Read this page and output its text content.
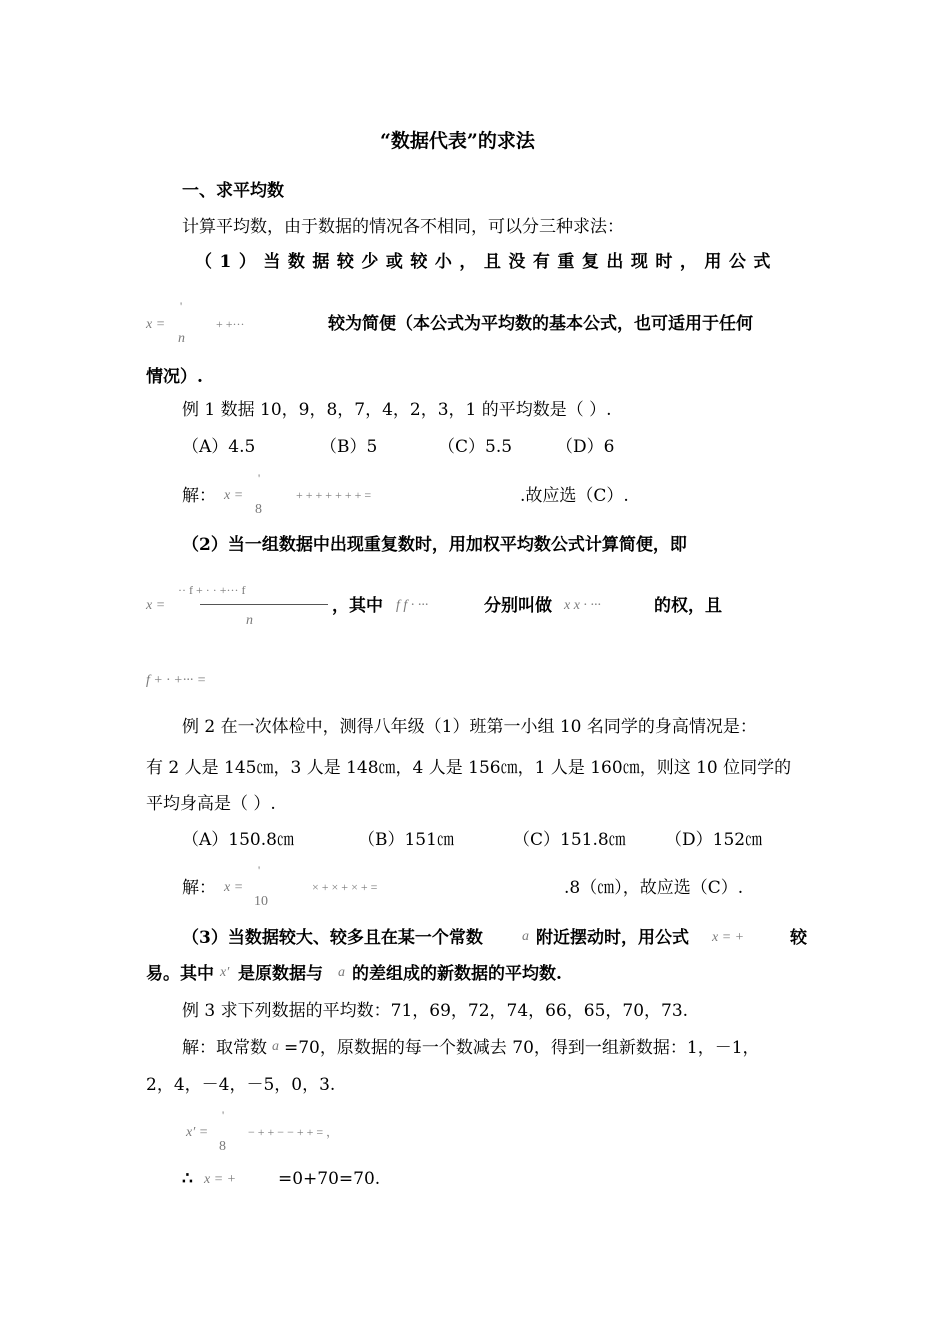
“数据代表”的求法
一、求平均数
计算平均数，由于数据的情况各不相同，可以分三种求法：
（1）当数据较少或较小，且没有重复出现时，用公式
x =
'
n
+ +···	较为简便（本公式为平均数的基本公式，也可适用于任何
情况）.
例 1 数据 10，9，8，7，4，2，3，1 的平均数是（ ）.
（A）4.5	（B）5	（C）5.5	（D）6
解： x =
'
8
+ + + + + + + =	.故应选（C）.
（2）当一组数据中出现重复数时，用加权平均数公式计算简便，即
x =
·· f + · · +··· f
n
，其中 f f · ···	分别叫做 x x · ···	的权，且
f + · +··· =
例 2 在一次体检中，测得八年级（1）班第一小组 10 名同学的身高情况是：
有 2 人是 145㎝，3 人是 148㎝，4 人是 156㎝，1 人是 160㎝，则这 10 位同学的
平均身高是（ ）.
（A）150.8㎝	（B）151㎝	（C）151.8㎝ （D）152㎝
解： x =
'
10
× + × + × + =	.8（㎝），故应选（C）.
（3）当数据较大、较多且在某一个常数	a 附近摆动时，用公式 x = +	较
易。其中 x′ 是原数据与 a 的差组成的新数据的平均数.
例 3 求下列数据的平均数：71，69，72，74，66，65，70，73.
解：取常数 a =70，原数据的每一个数减去 70，得到一组新数据：1，－1，
2，4，－4，－5，0，3.
x′ =
'
8
− + + − − + + = ，
∴ x = + =0+70=70.
